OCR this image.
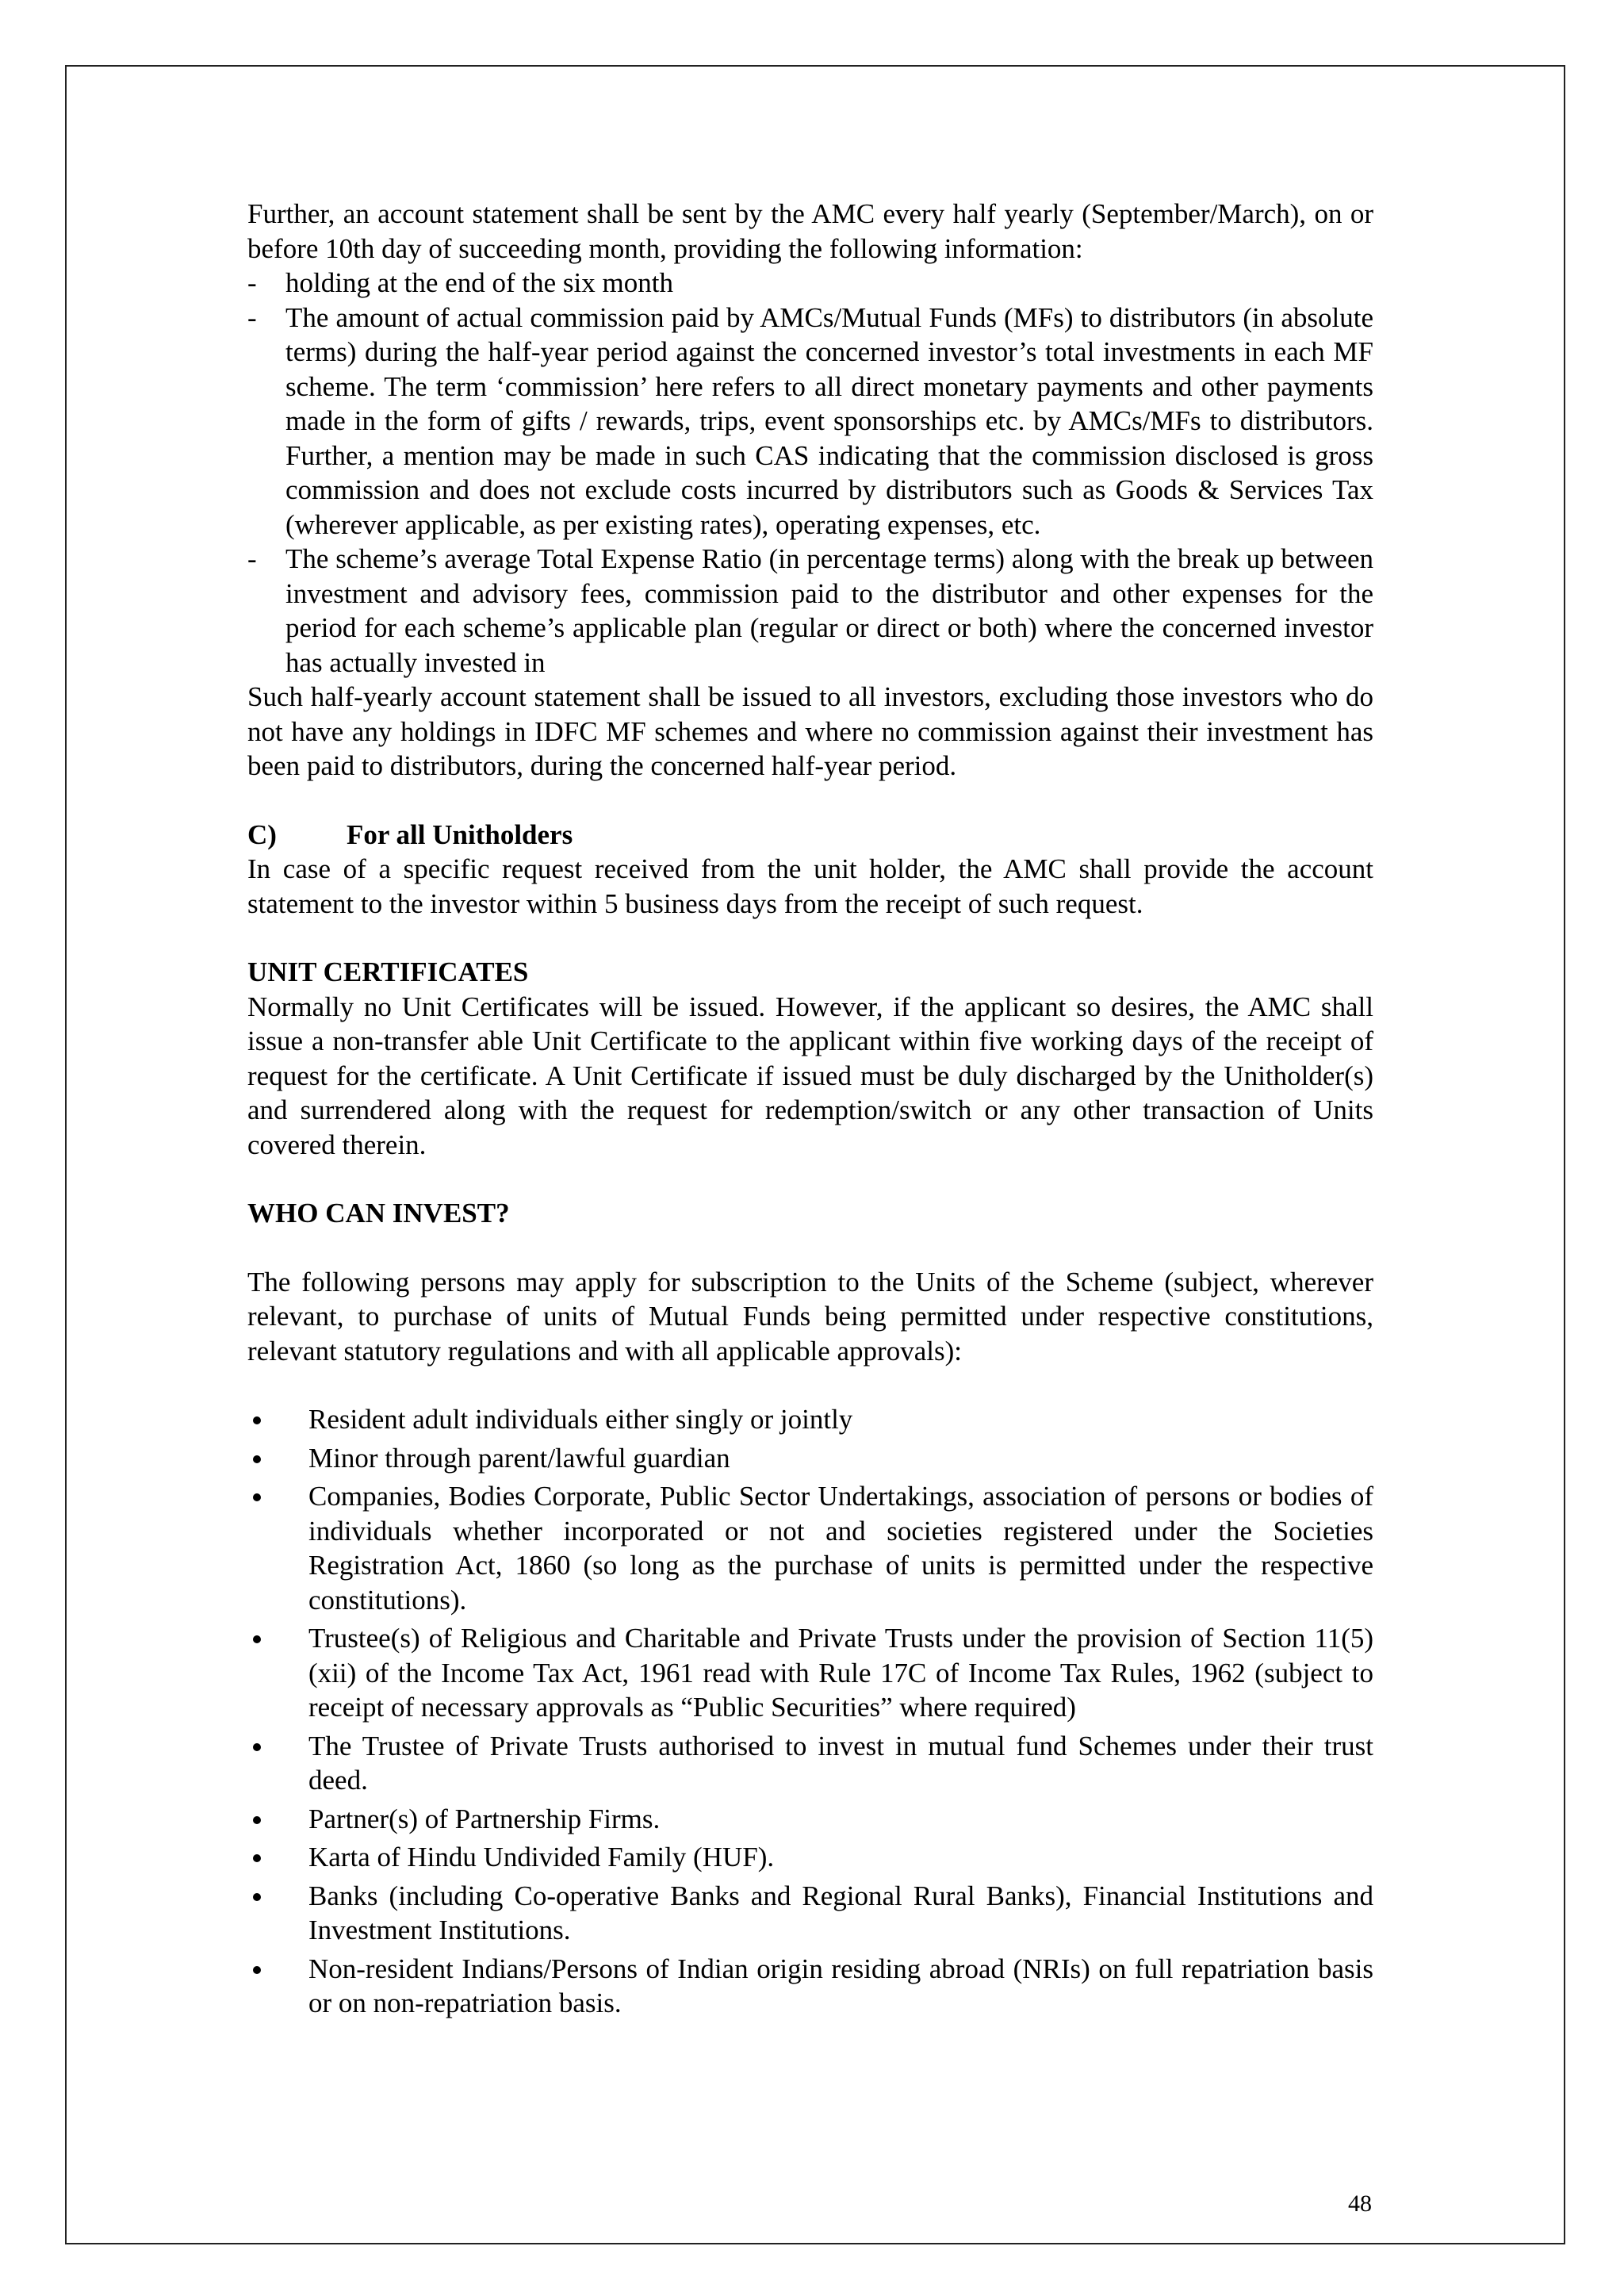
Further, an account statement shall be sent by the AMC every half yearly (September/March), on or before 10th day of succeeding month, providing the following information:

- holding at the end of the six month
- The amount of actual commission paid by AMCs/Mutual Funds (MFs) to distributors (in absolute terms) during the half-year period against the concerned investor’s total investments in each MF scheme. The term ‘commission’ here refers to all direct monetary payments and other payments made in the form of gifts / rewards, trips, event sponsorships etc. by AMCs/MFs to distributors. Further, a mention may be made in such CAS indicating that the commission disclosed is gross commission and does not exclude costs incurred by distributors such as Goods & Services Tax (wherever applicable, as per existing rates), operating expenses, etc.
- The scheme’s average Total Expense Ratio (in percentage terms) along with the break up between investment and advisory fees, commission paid to the distributor and other expenses for the period for each scheme’s applicable plan (regular or direct or both) where the concerned investor has actually invested in

Such half-yearly account statement shall be issued to all investors, excluding those investors who do not have any holdings in IDFC MF schemes and where no commission against their investment has been paid to distributors, during the concerned half-year period.

C)	For all Unitholders

In case of a specific request received from the unit holder, the AMC shall provide the account statement to the investor within 5 business days from the receipt of such request.

UNIT CERTIFICATES

Normally no Unit Certificates will be issued. However, if the applicant so desires, the AMC shall issue a non-transfer able Unit Certificate to the applicant within five working days of the receipt of request for the certificate. A Unit Certificate if issued must be duly discharged by the Unitholder(s) and surrendered along with the request for redemption/switch or any other transaction of Units covered therein.

WHO CAN INVEST?

The following persons may apply for subscription to the Units of the Scheme (subject, wherever relevant, to purchase of units of Mutual Funds being permitted under respective constitutions, relevant statutory regulations and with all applicable approvals):

Resident adult individuals either singly or jointly
Minor through parent/lawful guardian
Companies, Bodies Corporate, Public Sector Undertakings, association of persons or bodies of individuals whether incorporated or not and societies registered under the Societies Registration Act, 1860 (so long as the purchase of units is permitted under the respective constitutions).
Trustee(s) of Religious and Charitable and Private Trusts under the provision of Section 11(5) (xii) of the Income Tax Act, 1961 read with Rule 17C of Income Tax Rules, 1962 (subject to receipt of necessary approvals as “Public Securities” where required)
The Trustee of Private Trusts authorised to invest in mutual fund Schemes under their trust deed.
Partner(s) of Partnership Firms.
Karta of Hindu Undivided Family (HUF).
Banks (including Co-operative Banks and Regional Rural Banks), Financial Institutions and Investment Institutions.
Non-resident Indians/Persons of Indian origin residing abroad (NRIs) on full repatriation basis or on non-repatriation basis.
48
